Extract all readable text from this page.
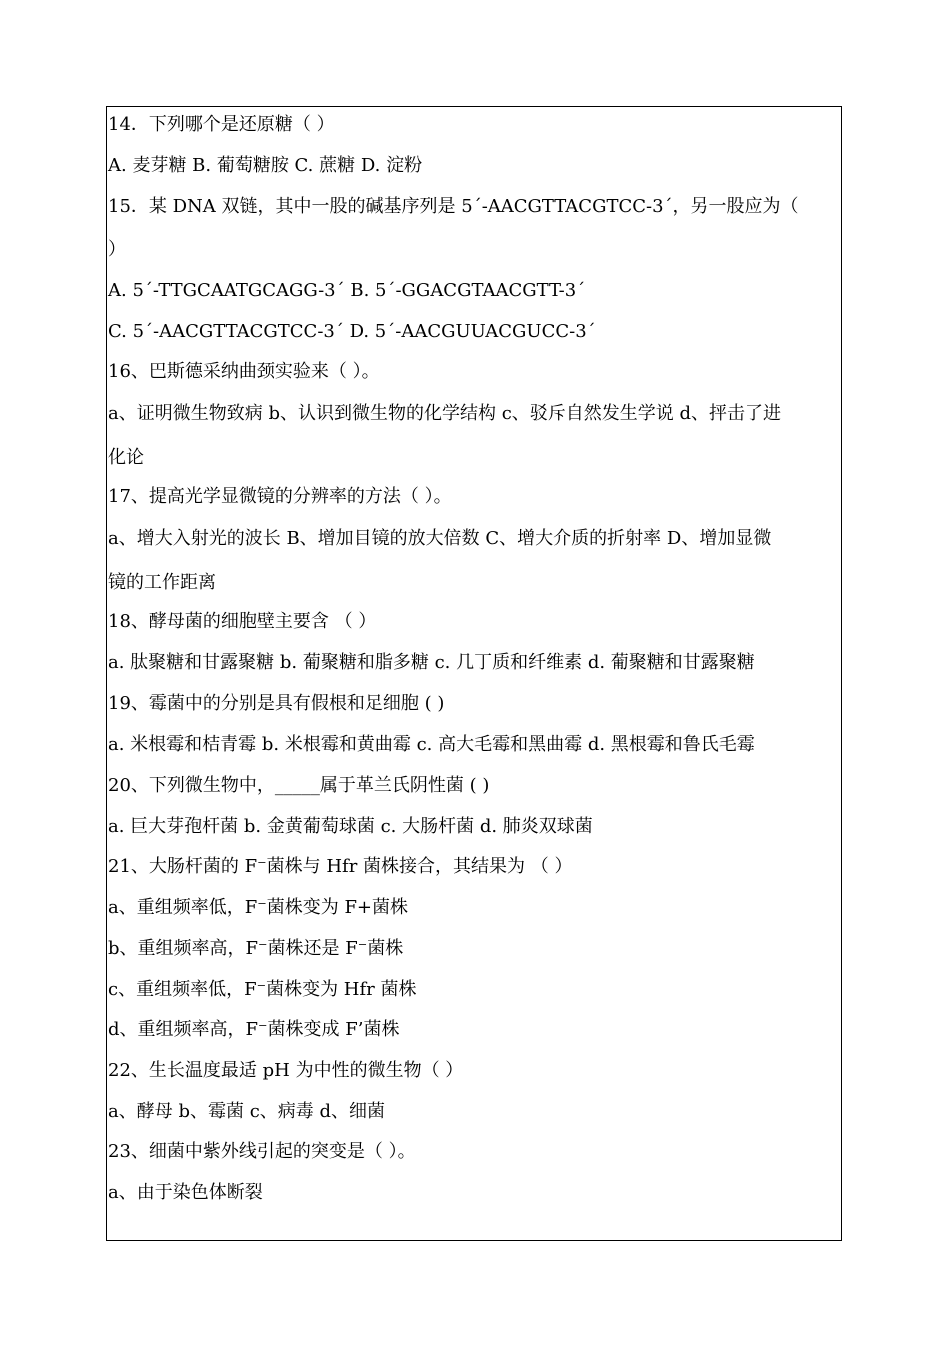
14．下列哪个是还原糖（ ）
A. 麦芽糖 B. 葡萄糖胺 C. 蔗糖 D. 淀粉
15．某 DNA 双链，其中一股的碱基序列是 5ˊ-AACGTTACGTCC-3ˊ，另一股应为（
）
A. 5ˊ-TTGCAATGCAGG-3ˊ B. 5ˊ-GGACGTAACGTT-3ˊ
C. 5ˊ-AACGTTACGTCC-3ˊ D. 5ˊ-AACGUUACGUCC-3ˊ
16、巴斯德采纳曲颈实验来（ ）。
a、证明微生物致病 b、认识到微生物的化学结构 c、驳斥自然发生学说 d、抨击了进
化论
17、提高光学显微镜的分辨率的方法（ ）。
a、增大入射光的波长 B、增加目镜的放大倍数 C、增大介质的折射率 D、增加显微
镜的工作距离
18、酵母菌的细胞壁主要含 （ ）
a. 肽聚糖和甘露聚糖 b. 葡聚糖和脂多糖 c. 几丁质和纤维素 d. 葡聚糖和甘露聚糖
19、霉菌中的分别是具有假根和足细胞 ( )
a. 米根霉和桔青霉 b. 米根霉和黄曲霉 c. 高大毛霉和黑曲霉 d. 黑根霉和鲁氏毛霉
20、下列微生物中，_____属于革兰氏阴性菌 ( )
a. 巨大芽孢杆菌 b. 金黄葡萄球菌 c. 大肠杆菌 d. 肺炎双球菌
21、大肠杆菌的 F⁻菌株与 Hfr 菌株接合，其结果为 （ ）
a、重组频率低，F⁻菌株变为 F+菌株
b、重组频率高，F⁻菌株还是 F⁻菌株
c、重组频率低，F⁻菌株变为 Hfr 菌株
d、重组频率高，F⁻菌株变成 F’菌株
22、生长温度最适 pH 为中性的微生物（ ）
a、酵母 b、霉菌 c、病毒 d、细菌
23、细菌中紫外线引起的突变是（ ）。
a、由于染色体断裂
